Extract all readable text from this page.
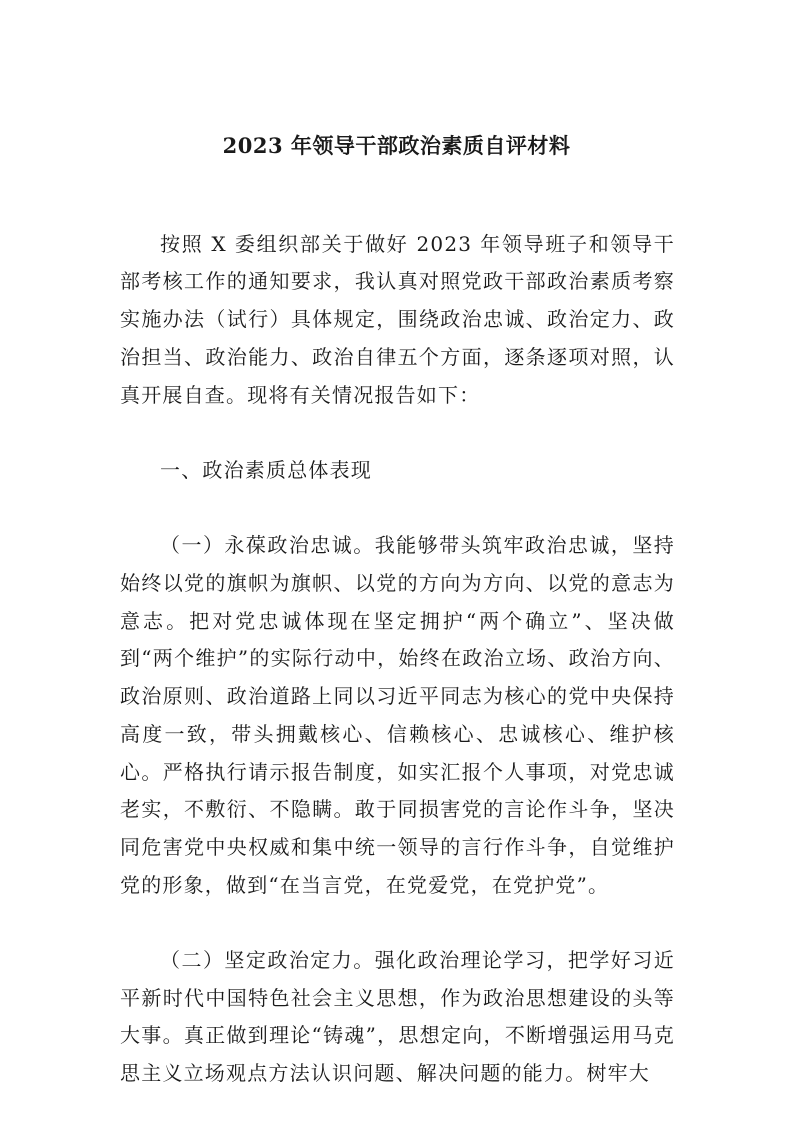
2023 年领导干部政治素质自评材料

按照 X 委组织部关于做好 2023 年领导班子和领导干部考核工作的通知要求，我认真对照党政干部政治素质考察实施办法（试行）具体规定，围绕政治忠诚、政治定力、政治担当、政治能力、政治自律五个方面，逐条逐项对照，认真开展自查。现将有关情况报告如下：

一、政治素质总体表现

（一）永葆政治忠诚。我能够带头筑牢政治忠诚，坚持始终以党的旗帜为旗帜、以党的方向为方向、以党的意志为意志。把对党忠诚体现在坚定拥护“两个确立”、坚决做到“两个维护”的实际行动中，始终在政治立场、政治方向、政治原则、政治道路上同以习近平同志为核心的党中央保持高度一致，带头拥戴核心、信赖核心、忠诚核心、维护核心。严格执行请示报告制度，如实汇报个人事项，对党忠诚老实，不敷衍、不隐瞒。敢于同损害党的言论作斗争，坚决同危害党中央权威和集中统一领导的言行作斗争，自觉维护党的形象，做到“在当言党，在党爱党，在党护党”。

（二）坚定政治定力。强化政治理论学习，把学好习近平新时代中国特色社会主义思想，作为政治思想建设的头等大事。真正做到理论“铸魂”，思想定向，不断增强运用马克思主义立场观点方法认识问题、解决问题的能力。树牢大
